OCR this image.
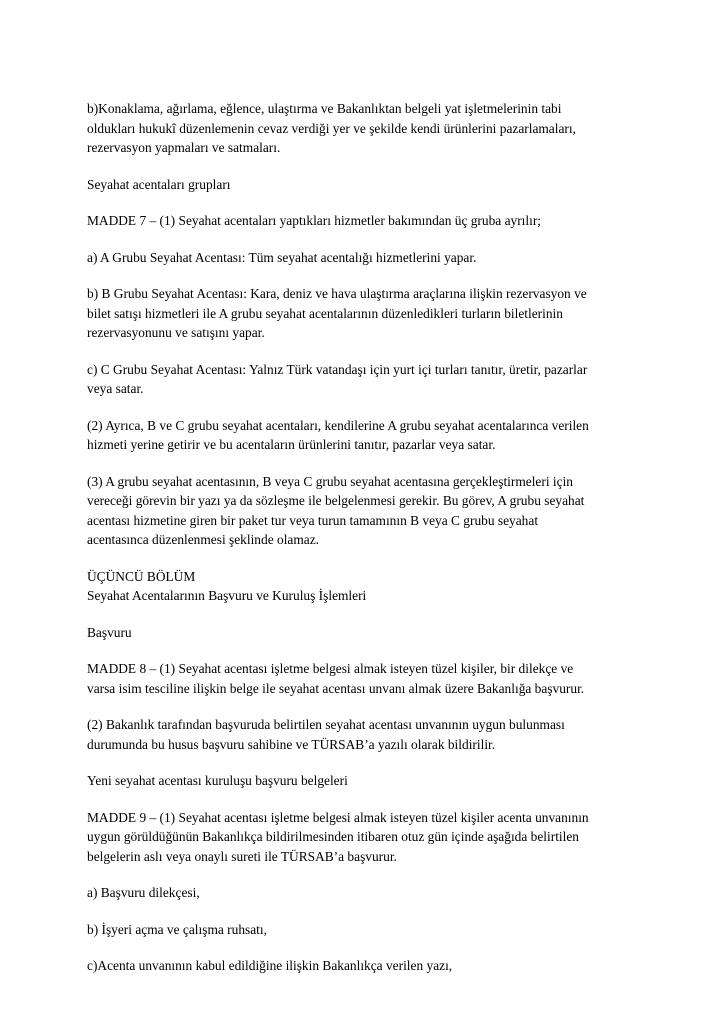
b)Konaklama, ağırlama, eğlence, ulaştırma ve Bakanlıktan belgeli yat işletmelerinin tabi
oldukları hukukî düzenlemenin cevaz verdiği yer ve şekilde kendi ürünlerini pazarlamaları,
rezervasyon yapmaları ve satmaları.

Seyahat acentaları grupları

MADDE 7 – (1) Seyahat acentaları yaptıkları hizmetler bakımından üç gruba ayrılır;

a) A Grubu Seyahat Acentası: Tüm seyahat acentalığı hizmetlerini yapar.

b) B Grubu Seyahat Acentası: Kara, deniz ve hava ulaştırma araçlarına ilişkin rezervasyon ve
bilet satışı hizmetleri ile A grubu seyahat acentalarının düzenledikleri turların biletlerinin
rezervasyonunu ve satışını yapar.

c) C Grubu Seyahat Acentası: Yalnız Türk vatandaşı için yurt içi turları tanıtır, üretir, pazarlar
veya satar.

(2) Ayrıca, B ve C grubu seyahat acentaları, kendilerine A grubu seyahat acentalarınca verilen
hizmeti yerine getirir ve bu acentaların ürünlerini tanıtır, pazarlar veya satar.

(3) A grubu seyahat acentasının, B veya C grubu seyahat acentasına gerçekleştirmeleri için
vereceği görevin bir yazı ya da sözleşme ile belgelenmesi gerekir. Bu görev, A grubu seyahat
acentası hizmetine giren bir paket tur veya turun tamamının B veya C grubu seyahat
acentasınca düzenlenmesi şeklinde olamaz.

ÜÇÜNCÜ BÖLÜM
Seyahat Acentalarının Başvuru ve Kuruluş İşlemleri

Başvuru

MADDE 8 – (1) Seyahat acentası işletme belgesi almak isteyen tüzel kişiler, bir dilekçe ve
varsa isim tesciline ilişkin belge ile seyahat acentası unvanı almak üzere Bakanlığa başvurur.

(2) Bakanlık tarafından başvuruda belirtilen seyahat acentası unvanının uygun bulunması
durumunda bu husus başvuru sahibine ve TÜRSAB’a yazılı olarak bildirilir.

Yeni seyahat acentası kuruluşu başvuru belgeleri

MADDE 9 – (1) Seyahat acentası işletme belgesi almak isteyen tüzel kişiler acenta unvanının
uygun görüldüğünün Bakanlıkça bildirilmesinden itibaren otuz gün içinde aşağıda belirtilen
belgelerin aslı veya onaylı sureti ile TÜRSAB’a başvurur.

a) Başvuru dilekçesi,

b) İşyeri açma ve çalışma ruhsatı,

c)Acenta unvanının kabul edildiğine ilişkin Bakanlıkça verilen yazı,
